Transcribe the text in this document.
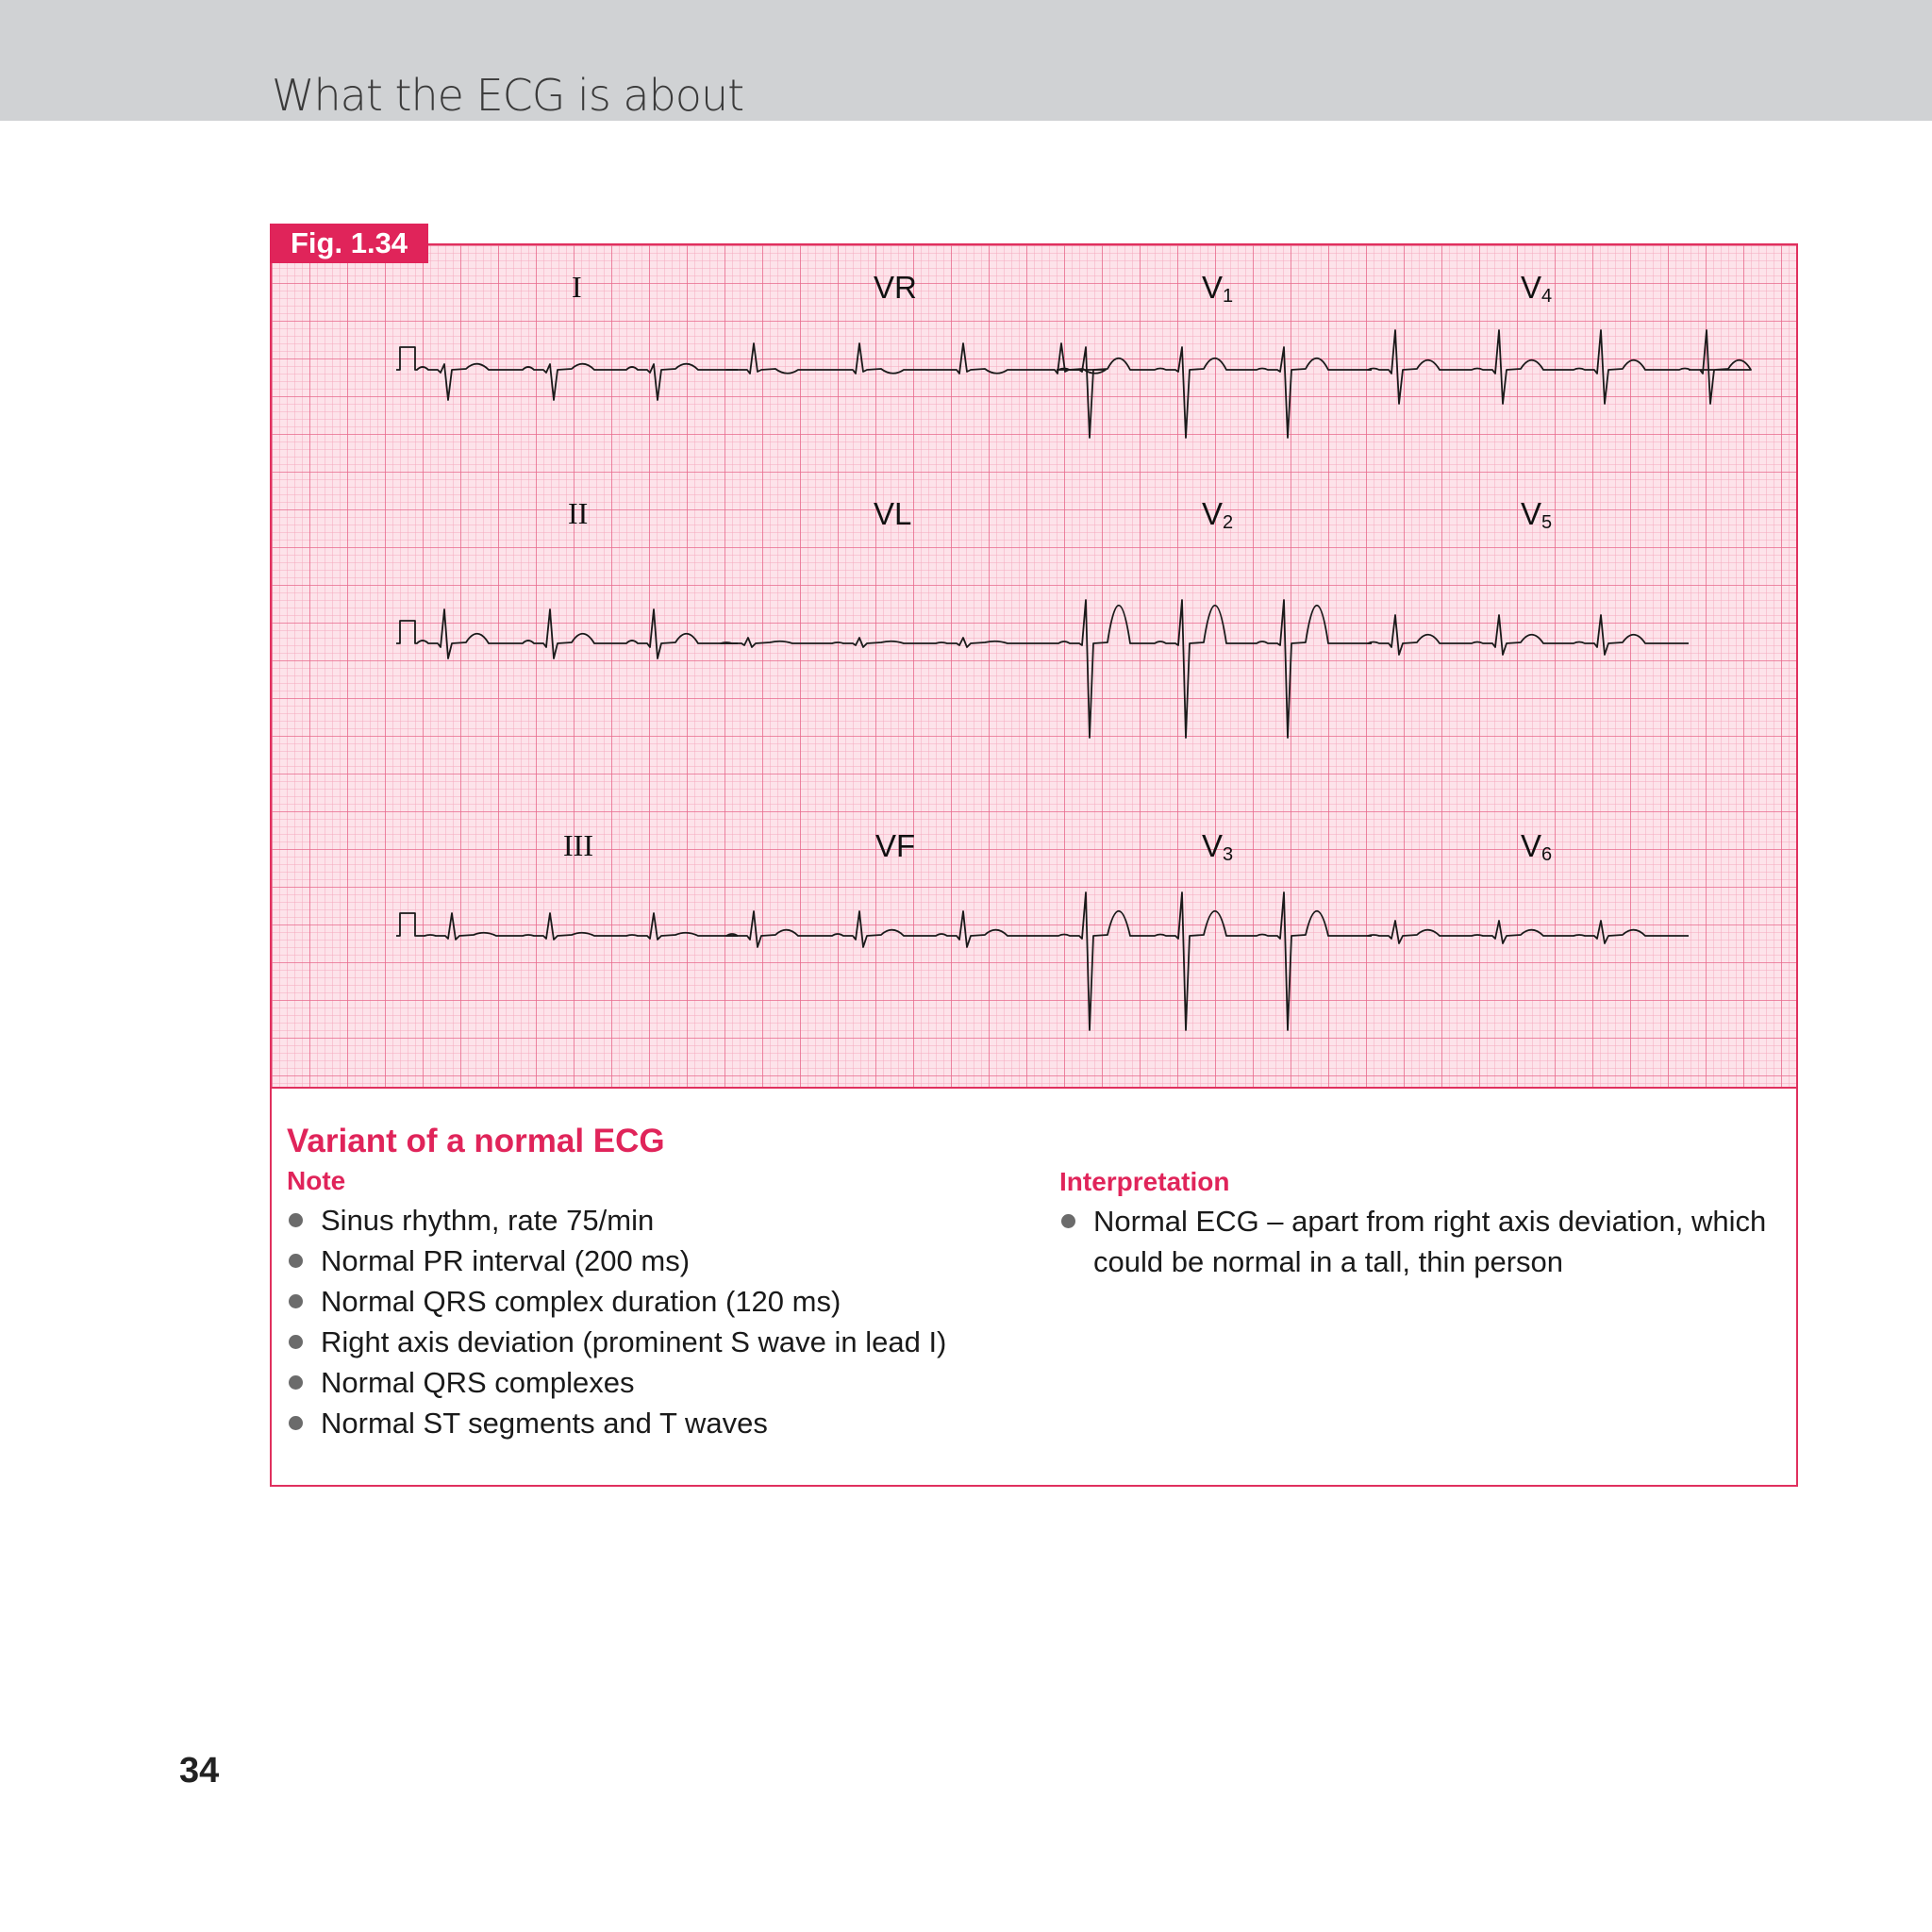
What the ECG is about
Fig. 1.34
I	VR	$V_1$	$V_4$
II	VL	$V_2$	$V_5$
III	VF	$V_3$	$V_6$
Variant of a normal ECG
Note
Sinus rhythm, rate 75/min
Normal PR interval (200 ms)
Normal QRS complex duration (120 ms)
Right axis deviation (prominent S wave in lead I)
Normal QRS complexes
Normal ST segments and T waves
Interpretation
Normal ECG – apart from right axis deviation, which could be normal in a tall, thin person
34
